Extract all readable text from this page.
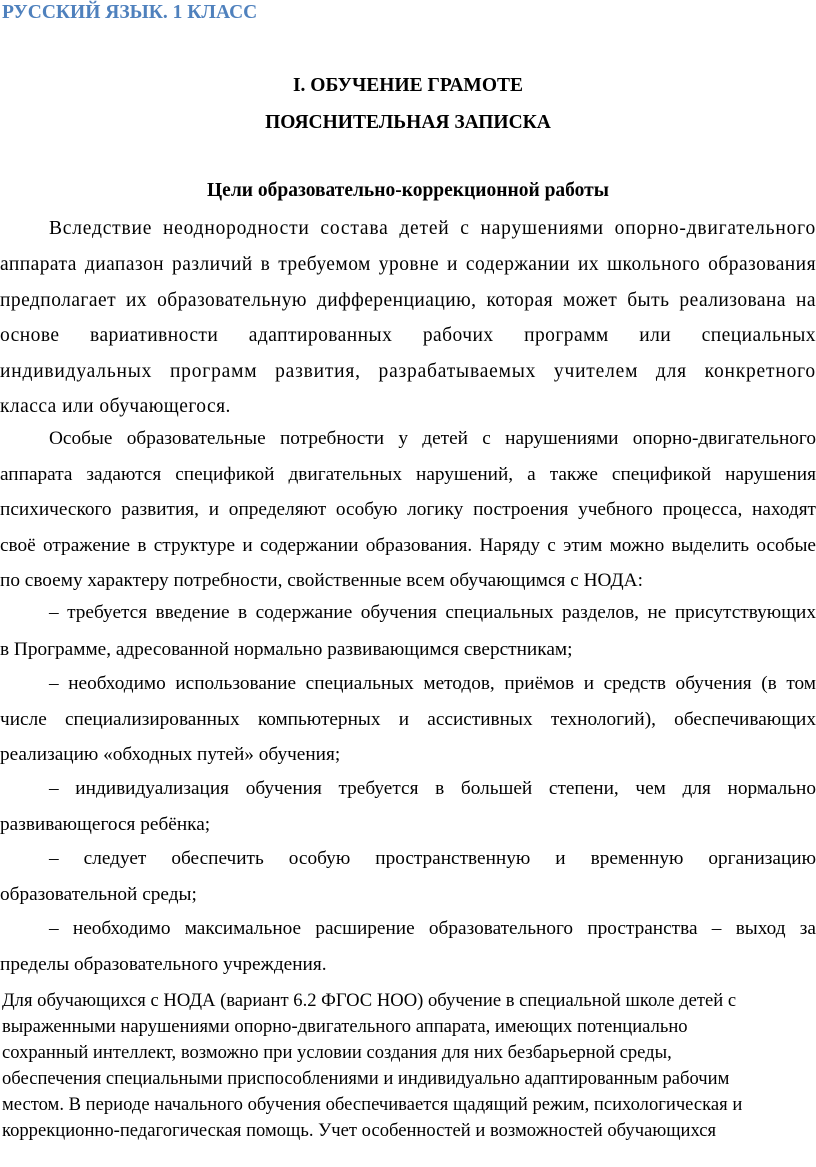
РУССКИЙ ЯЗЫК. 1 КЛАСС
I. ОБУЧЕНИЕ ГРАМОТЕ
ПОЯСНИТЕЛЬНАЯ ЗАПИСКА
Цели образовательно-коррекционной работы
Вследствие неоднородности состава детей с нарушениями опорно-двигательного
аппарата диапазон различий в требуемом уровне и содержании их школьного образования
предполагает их образовательную дифференциацию, которая может быть реализована на
основе вариативности адаптированных рабочих программ или специальных
индивидуальных программ развития, разрабатываемых учителем для конкретного
класса или обучающегося.
Особые образовательные потребности у детей с нарушениями опорно-двигательного
аппарата задаются спецификой двигательных нарушений, а также спецификой нарушения
психического развития, и определяют особую логику построения учебного процесса, находят
своё отражение в структуре и содержании образования. Наряду с этим можно выделить особые
по своему характеру потребности, свойственные всем обучающимся с НОДА:
– требуется введение в содержание обучения специальных разделов, не присутствующих
в Программе, адресованной нормально развивающимся сверстникам;
– необходимо использование специальных методов, приёмов и средств обучения (в том
числе специализированных компьютерных и ассистивных технологий), обеспечивающих
реализацию «обходных путей» обучения;
– индивидуализация обучения требуется в большей степени, чем для нормально
развивающегося ребёнка;
– следует обеспечить особую пространственную и временную организацию
образовательной среды;
– необходимо максимальное расширение образовательного пространства – выход за
пределы образовательного учреждения.
Для обучающихся с НОДА (вариант 6.2 ФГОС НОО) обучение в специальной школе детей с
выраженными нарушениями опорно-двигательного аппарата, имеющих потенциально
сохранный интеллект, возможно при условии создания для них безбарьерной среды,
обеспечения специальными приспособлениями и индивидуально адаптированным рабочим
местом. В периоде начального обучения обеспечивается щадящий режим, психологическая и
коррекционно-педагогическая помощь. Учет особенностей и возможностей обучающихся
